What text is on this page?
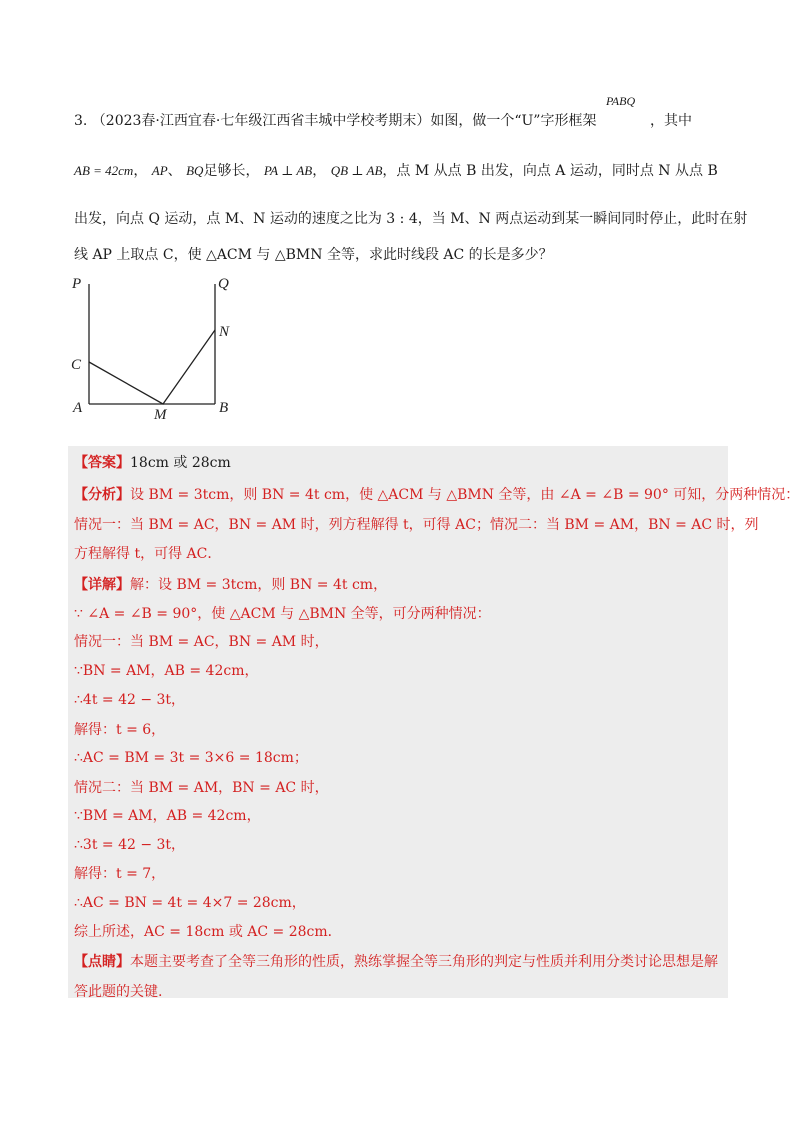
3. （2023春·江西宜春·七年级江西省丰城中学校考期末）如图，做一个“U”字形框架
PABQ
，其中
AB = 42cm， AP、 BQ足够长， PA ⊥ AB， QB ⊥ AB，点 M 从点 B 出发，向点 A 运动，同时点 N 从点 B
出发，向点 Q 运动，点 M、N 运动的速度之比为 3 : 4，当 M、N 两点运动到某一瞬间同时停止，此时在射
线 AP 上取点 C，使 △ACM 与 △BMN 全等，求此时线段 AC 的长是多少？
P	Q
N
C
A	M	B
【答案】18cm 或 28cm
【分析】设 BM = 3tcm，则 BN = 4t cm，使 △ACM 与 △BMN 全等，由 ∠A = ∠B = 90° 可知，分两种情况：
情况一：当 BM = AC，BN = AM 时，列方程解得 t，可得 AC；情况二：当 BM = AM，BN = AC 时，列
方程解得 t，可得 AC．
【详解】解：设 BM = 3tcm，则 BN = 4t cm，
∵ ∠A = ∠B = 90°，使 △ACM 与 △BMN 全等，可分两种情况：
情况一：当 BM = AC，BN = AM 时，
∵BN = AM，AB = 42cm，
∴4t = 42 − 3t，
解得：t = 6，
∴AC = BM = 3t = 3×6 = 18cm；
情况二：当 BM = AM，BN = AC 时，
∵BM = AM，AB = 42cm，
∴3t = 42 − 3t，
解得：t = 7，
∴AC = BN = 4t = 4×7 = 28cm，
综上所述，AC = 18cm 或 AC = 28cm．
【点睛】本题主要考查了全等三角形的性质，熟练掌握全等三角形的判定与性质并利用分类讨论思想是解
答此题的关键.
